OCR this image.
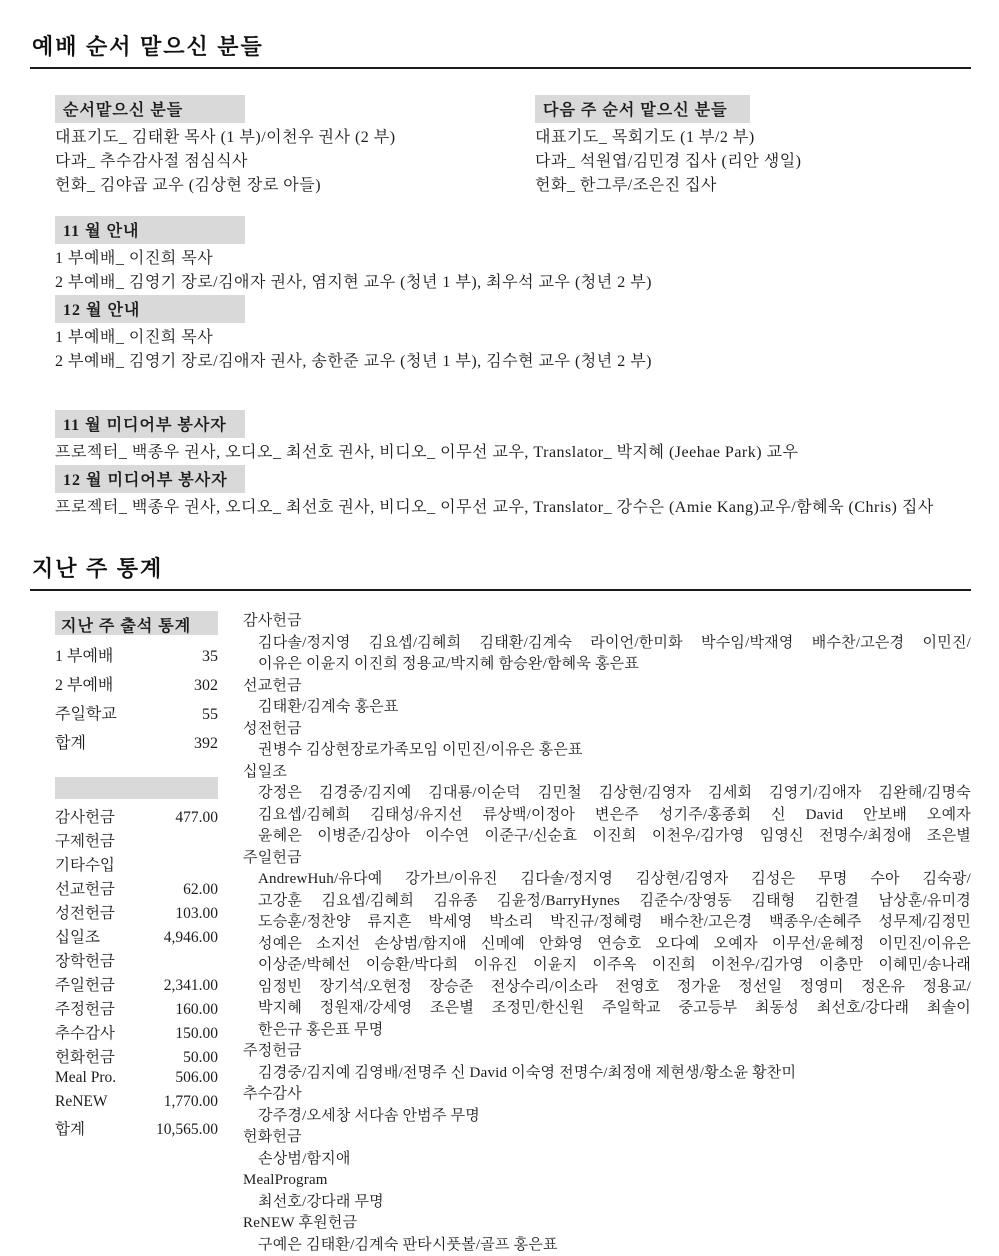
예배 순서 맡으신 분들
순서맡으신 분들
대표기도_ 김태환 목사 (1 부)/이천우 권사 (2 부)
다과_ 추수감사절 점심식사
헌화_ 김야곱 교우 (김상현 장로 아들)
다음 주 순서 맡으신 분들
대표기도_ 목회기도 (1 부/2 부)
다과_ 석원엽/김민경 집사 (리안 생일)
헌화_ 한그루/조은진 집사
11 월 안내
1 부예배_ 이진희 목사
2 부예배_ 김영기 장로/김애자 권사, 염지현 교우 (청년 1 부), 최우석 교우 (청년 2 부)
12 월 안내
1 부예배_ 이진희 목사
2 부예배_ 김영기 장로/김애자 권사, 송한준 교우 (청년 1 부), 김수현 교우 (청년 2 부)
11 월 미디어부 봉사자
프로젝터_ 백종우 권사, 오디오_ 최선호 권사, 비디오_ 이무선 교우, Translator_ 박지혜 (Jeehae Park) 교우
12 월 미디어부 봉사자
프로젝터_ 백종우 권사, 오디오_ 최선호 권사, 비디오_ 이무선 교우, Translator_ 강수은 (Amie Kang)교우/함혜욱 (Chris) 집사
지난 주 통계
지난 주 출석 통계
1 부예배	35
2 부예배	302
주일학교	55
합계	392
감사헌금	477.00
구제헌금
기타수입
선교헌금	62.00
성전헌금	103.00
십일조	4,946.00
장학헌금
주일헌금	2,341.00
주정헌금	160.00
추수감사	150.00
헌화헌금	50.00
Meal Pro.	506.00
ReNEW	1,770.00
합계	10,565.00
감사헌금
김다솔/정지영 김요셉/김혜희 김태환/김계숙 라이언/한미화 박수임/박재영 배수찬/고은경 이민진/
이유은 이윤지 이진희 정용교/박지혜 함승완/함혜욱 홍은표
선교헌금
김태환/김계숙 홍은표
성전헌금
권병수 김상현장로가족모임 이민진/이유은 홍은표
십일조
강정은 김경중/김지예 김대룡/이순덕 김민철 김상현/김영자 김세회 김영기/김애자 김완해/김명숙
김요셉/김혜희 김태성/유지선 류상백/이정아 변은주 성기주/홍종회 신 David 안보배 오예자
윤혜은 이병준/김상아 이수연 이준구/신순효 이진희 이천우/김가영 임영신 전명수/최정애 조은별
주일헌금
AndrewHuh/유다예 강가브/이유진 김다솔/정지영 김상현/김영자 김성은 무명 수아 김숙광/
고강훈 김요셉/김혜희 김유종 김윤정/BarryHynes 김준수/장영동 김태형 김한결 남상훈/유미경
도승훈/정찬양 류지흔 박세영 박소리 박진규/정혜령 배수찬/고은경 백종우/손혜주 성무제/김정민
성예은 소지선 손상범/함지애 신메예 안화영 연승호 오다예 오예자 이무선/윤혜정 이민진/이유은
이상준/박혜선 이승환/박다희 이유진 이윤지 이주옥 이진희 이천우/김가영 이충만 이혜민/송나래
임정빈 장기석/오현정 장승준 전상수리/이소라 전영호 정가윤 정선일 정영미 정온유 정용교/
박지혜 정원재/강세영 조은별 조정민/한신원 주일학교 중고등부 최동성 최선호/강다래 최솔이
한은규 홍은표 무명
주정헌금
김경중/김지예 김영배/전명주 신 David 이숙영 전명수/최정애 제현생/황소윤 황찬미
추수감사
강주경/오세창 서다솜 안범주 무명
헌화헌금
손상범/함지애
MealProgram
최선호/강다래 무명
ReNEW 후원헌금
구예은 김태환/김계숙 판타시풋볼/골프 홍은표
